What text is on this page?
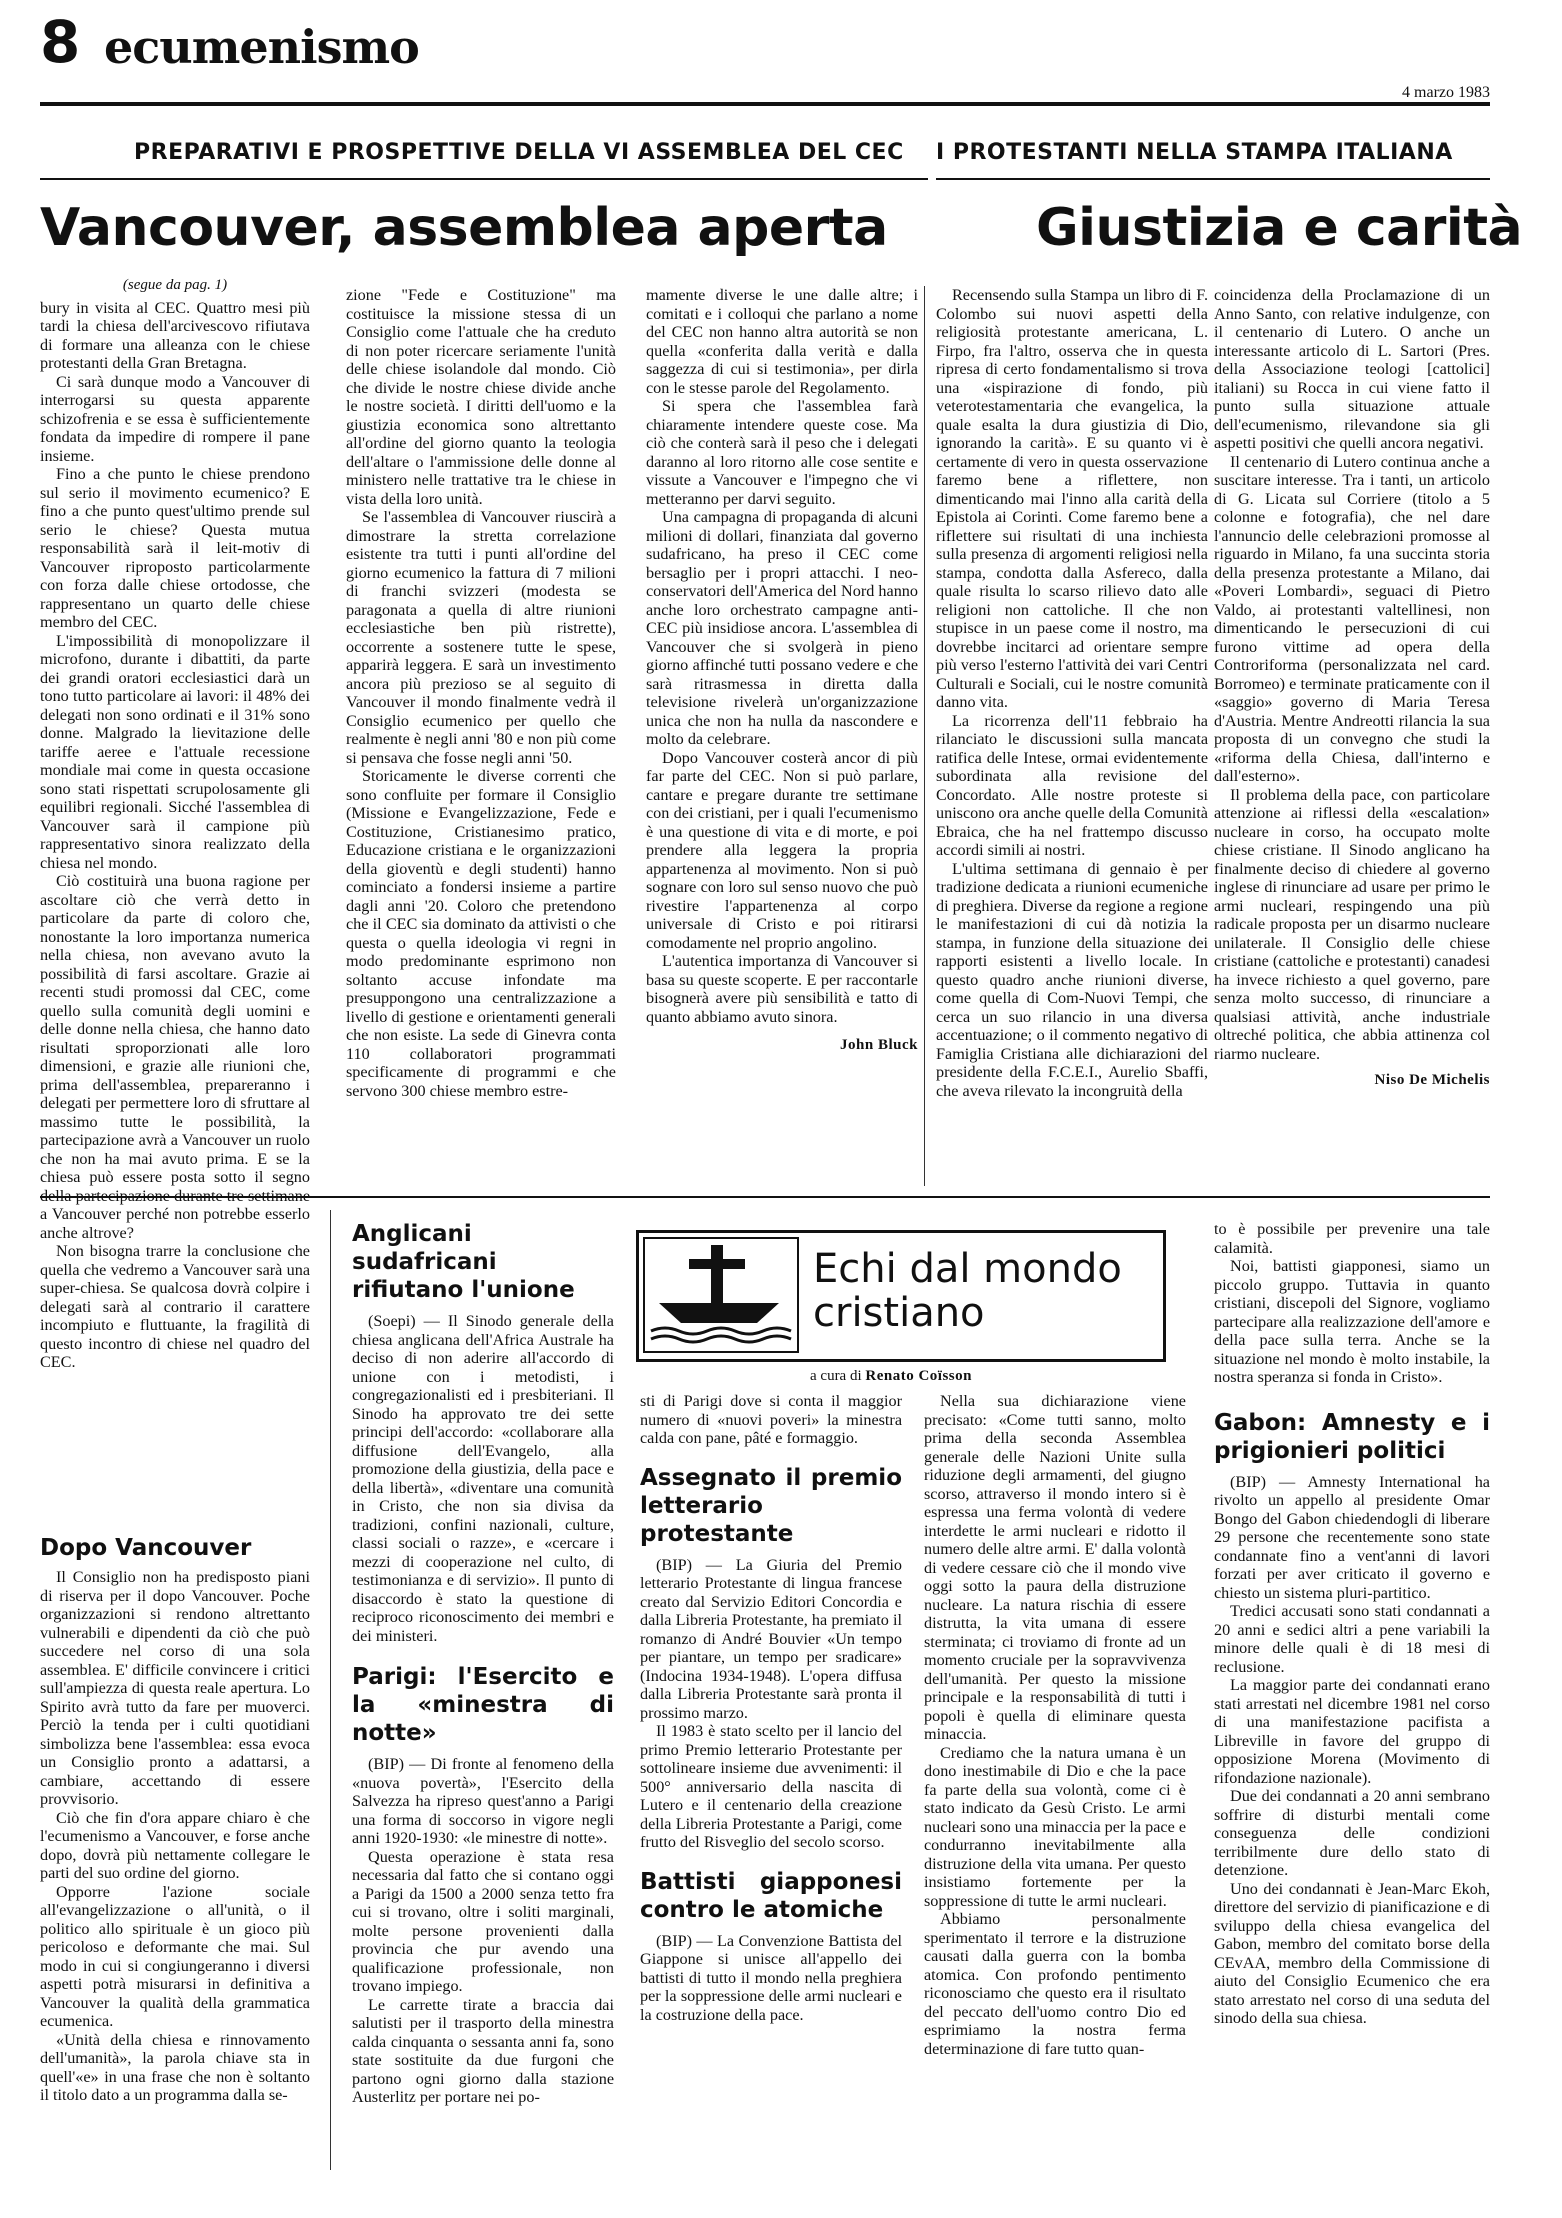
8 ecumenismo
4 marzo 1983
PREPARATIVI E PROSPETTIVE DELLA VI ASSEMBLEA DEL CEC I PROTESTANTI NELLA STAMPA ITALIANA
Vancouver, assemblea aperta	Giustizia e carità
(segue da pag. 1)

bury in visita al CEC. Quattro mesi più tardi la chiesa dell'arcivescovo rifiutava di formare una alleanza con le chiese protestanti della Gran Bretagna.

Ci sarà dunque modo a Vancouver di interrogarsi su questa apparente schizofrenia e se essa è sufficientemente fondata da impedire di rompere il pane insieme.

Fino a che punto le chiese prendono sul serio il movimento ecumenico? E fino a che punto quest'ultimo prende sul serio le chiese? Questa mutua responsabilità sarà il leit-motiv di Vancouver riproposto particolarmente con forza dalle chiese ortodosse, che rappresentano un quarto delle chiese membro del CEC.

L'impossibilità di monopolizzare il microfono, durante i dibattiti, da parte dei grandi oratori ecclesiastici darà un tono tutto particolare ai lavori: il 48% dei delegati non sono ordinati e il 31% sono donne. Malgrado la lievitazione delle tariffe aeree e l'attuale recessione mondiale mai come in questa occasione sono stati rispettati scrupolosamente gli equilibri regionali. Sicché l'assemblea di Vancouver sarà il campione più rappresentativo sinora realizzato della chiesa nel mondo.

Ciò costituirà una buona ragione per ascoltare ciò che verrà detto in particolare da parte di coloro che, nonostante la loro importanza numerica nella chiesa, non avevano avuto la possibilità di farsi ascoltare. Grazie ai recenti studi promossi dal CEC, come quello sulla comunità degli uomini e delle donne nella chiesa, che hanno dato risultati sproporzionati alle loro dimensioni, e grazie alle riunioni che, prima dell'assemblea, prepareranno i delegati per permettere loro di sfruttare al massimo tutte le possibilità, la partecipazione avrà a Vancouver un ruolo che non ha mai avuto prima. E se la chiesa può essere posta sotto il segno a Vancouver perché non potrebbe esserlo anche altrove?

Non bisogna trarre la conclusione che quella che vedremo a Vancouver sarà una super-chiesa. Se qualcosa dovrà colpire i delegati sarà al contrario il carattere incompiuto e fluttuante, la fragilità di questo incontro di chiese nel quadro del CEC.

Dopo Vancouver

Il Consiglio non ha predisposto piani di riserva per il dopo Vancouver. Poche organizzazioni si rendono altrettanto vulnerabili e dipendenti da ciò che può succedere nel corso di una sola assemblea. E' difficile convincere i critici sull'ampiezza di questa reale apertura. Lo Spirito avrà tutto da fare per muoverci. Perciò la tenda per i culti quotidiani simbolizza bene l'assemblea: essa evoca un Consiglio pronto a adattarsi, a cambiare, accettando di essere provvisorio.

Ciò che fin d'ora appare chiaro è che l'ecumenismo a Vancouver, e forse anche dopo, dovrà più nettamente collegare le parti del suo ordine del giorno.

Opporre l'azione sociale all'evangelizzazione o all'unità, o il politico allo spirituale è un gioco più pericoloso e deformante che mai. Sul modo in cui si congiungeranno i diversi aspetti potrà misurarsi in definitiva a Vancouver la qualità della grammatica ecumenica.

«Unità della chiesa e rinnovamento dell'umanità», la parola chiave sta in quell'«e» in una frase che non è soltanto il titolo dato a un programma dalla se-

zione "Fede e Costituzione" ma costituisce la missione stessa di un Consiglio come l'attuale che ha creduto di non poter ricercare seriamente l'unità delle chiese isolandole dal mondo. Ciò che divide le nostre chiese divide anche le nostre società. I diritti dell'uomo e la giustizia economica sono altrettanto all'ordine del giorno quanto la teologia dell'altare o l'ammissione delle donne al ministero nelle trattative tra le chiese in vista della loro unità.

Se l'assemblea di Vancouver riuscirà a dimostrare la stretta correlazione esistente tra tutti i punti all'ordine del giorno ecumenico la fattura di 7 milioni di franchi svizzeri (modesta se paragonata a quella di altre riunioni ecclesiastiche ben più ristrette), occorrente a sostenere tutte le spese, apparirà leggera. E sarà un investimento ancora più prezioso se al seguito di Vancouver il mondo finalmente vedrà il Consiglio ecumenico per quello che realmente è negli anni '80 e non più come si pensava che fosse negli anni '50.

Storicamente le diverse correnti che sono confluite per formare il Consiglio (Missione e Evangelizzazione, Fede e Costituzione, Cristianesimo pratico, Educazione cristiana e le organizzazioni della gioventù e degli studenti) hanno cominciato a fondersi insieme a partire dagli anni '20. Coloro che pretendono che il CEC sia dominato da attivisti o che questa o quella ideologia vi regni in modo predominante esprimono non soltanto accuse infondate ma presuppongono una centralizzazione a livello di gestione e orientamenti generali che non esiste. La sede di Ginevra conta 110 collaboratori programmati specificamente di programmi e che servono 300 chiese membro estre-

mamente diverse le une dalle altre; i comitati e i colloqui che parlano a nome del CEC non hanno altra autorità se non quella «conferita dalla verità e dalla saggezza di cui si testimonia», per dirla con le stesse parole del Regolamento.

Si spera che l'assemblea farà chiaramente intendere queste cose. Ma ciò che conterà sarà il peso che i delegati daranno al loro ritorno alle cose sentite e vissute a Vancouver e l'impegno che vi metteranno per darvi seguito.

Una campagna di propaganda di alcuni milioni di dollari, finanziata dal governo sudafricano, ha preso il CEC come bersaglio per i propri attacchi. I neo-conservatori dell'America del Nord hanno anche loro orchestrato campagne anti-CEC più insidiose ancora. L'assemblea di Vancouver che si svolgerà in pieno giorno affinché tutti possano vedere e che sarà ritrasmessa in diretta dalla televisione rivelerà un'organizzazione unica che non ha nulla da nascondere e molto da celebrare.

Dopo Vancouver costerà ancor di più far parte del CEC. Non si può parlare, cantare e pregare durante tre settimane con dei cristiani, per i quali l'ecumenismo è una questione di vita e di morte, e poi prendere alla leggera la propria appartenenza al movimento. Non si può sognare con loro sul senso nuovo che può rivestire l'appartenenza al corpo universale di Cristo e poi ritirarsi comodamente nel proprio angolino.

L'autentica importanza di Vancouver si basa su queste scoperte. E per raccontarle bisognerà avere più sensibilità e tatto di quanto abbiamo avuto sinora.

John Bluck

Recensendo sulla Stampa un libro di F. Colombo sui nuovi aspetti della religiosità protestante americana, L. Firpo, fra l'altro, osserva che in questa ripresa di certo fondamentalismo si trova una «ispirazione di fondo, più veterotestamentaria che evangelica, la quale esalta la dura giustizia di Dio, ignorando la carità». E su quanto vi è certamente di vero in questa osservazione faremo bene a riflettere, non dimenticando mai l'inno alla carità della Epistola ai Corinti. Come faremo bene a riflettere sui risultati di una inchiesta sulla presenza di argomenti religiosi nella stampa, condotta dalla Asfereco, dalla quale risulta lo scarso rilievo dato alle religioni non cattoliche. Il che non stupisce in un paese come il nostro, ma dovrebbe incitarci ad orientare sempre più verso l'esterno l'attività dei vari Centri Culturali e Sociali, cui le nostre comunità danno vita.

La ricorrenza dell'11 febbraio ha rilanciato le discussioni sulla mancata ratifica delle Intese, ormai evidentemente subordinata alla revisione del Concordato. Alle nostre proteste si uniscono ora anche quelle della Comunità Ebraica, che ha nel frattempo discusso accordi simili ai nostri.

L'ultima settimana di gennaio è per tradizione dedicata a riunioni ecumeniche di preghiera. Diverse da regione a regione le manifestazioni di cui dà notizia la stampa, in funzione della situazione dei rapporti esistenti a livello locale. In questo quadro anche riunioni diverse, come quella di Com-Nuovi Tempi, che cerca un suo rilancio in una diversa accentuazione; o il commento negativo di Famiglia Cristiana alle dichiarazioni del presidente della F.C.E.I., Aurelio Sbaffi, che aveva rilevato la incongruità della

coincidenza della Proclamazione di un Anno Santo, con relative indulgenze, con il centenario di Lutero. O anche un interessante articolo di L. Sartori (Pres. della Associazione teologi [cattolici] italiani) su Rocca in cui viene fatto il punto sulla situazione attuale dell'ecumenismo, rilevandone sia gli aspetti positivi che quelli ancora negativi.

Il centenario di Lutero continua anche a suscitare interesse. Tra i tanti, un articolo di G. Licata sul Corriere (titolo a 5 colonne e fotografia), che nel dare l'annuncio delle celebrazioni promosse al riguardo in Milano, fa una succinta storia della presenza protestante a Milano, dai «Poveri Lombardi», seguaci di Pietro Valdo, ai protestanti valtellinesi, non dimenticando le persecuzioni di cui furono vittime ad opera della Controriforma (personalizzata nel card. Borromeo) e terminate praticamente con il «saggio» governo di Maria Teresa d'Austria. Mentre Andreotti rilancia la sua proposta di un convegno che studi la «riforma della Chiesa, dall'interno e dall'esterno».

Il problema della pace, con particolare attenzione ai riflessi della «escalation» nucleare in corso, ha occupato molte chiese cristiane. Il Sinodo anglicano ha finalmente deciso di chiedere al governo inglese di rinunciare ad usare per primo le armi nucleari, respingendo una più radicale proposta per un disarmo nucleare unilaterale. Il Consiglio delle chiese cristiane (cattoliche e protestanti) canadesi ha invece richiesto a quel governo, pare senza molto successo, di rinunciare a qualsiasi attività, anche industriale oltreché politica, che abbia attinenza col riarmo nucleare.

Niso De Michelis
Echi dal mondo
cristiano
a cura di Renato Coïsson
Anglicani sudafricani rifiutano l'unione

(Soepi) — Il Sinodo generale della chiesa anglicana dell'Africa Australe ha deciso di non aderire all'accordo di unione con i metodisti, i congregazionalisti ed i presbiteriani. Il Sinodo ha approvato tre dei sette principi dell'accordo: «collaborare alla diffusione dell'Evangelo, alla promozione della giustizia, della pace e della libertà», «diventare una comunità in Cristo, che non sia divisa da tradizioni, confini nazionali, culture, classi sociali o razze», e «cercare i mezzi di cooperazione nel culto, di testimonianza e di servizio». Il punto di disaccordo è stato la questione di reciproco riconoscimento dei membri e dei ministeri.

Parigi: l'Esercito e la «minestra di notte»

(BIP) — Di fronte al fenomeno della «nuova povertà», l'Esercito della Salvezza ha ripreso quest'anno a Parigi una forma di soccorso in vigore negli anni 1920-1930: «le minestre di notte».

Questa operazione è stata resa necessaria dal fatto che si contano oggi a Parigi da 1500 a 2000 senza tetto fra cui si trovano, oltre i soliti marginali, molte persone provenienti dalla provincia che pur avendo una qualificazione professionale, non trovano impiego.

Le carrette tirate a braccia dai salutisti per il trasporto della minestra calda cinquanta o sessanta anni fa, sono state sostituite da due furgoni che partono ogni giorno dalla stazione Austerlitz per portare nei po-

sti di Parigi dove si conta il maggior numero di «nuovi poveri» la minestra calda con pane, pâté e formaggio.

Assegnato il premio letterario protestante

(BIP) — La Giuria del Premio letterario Protestante di lingua francese creato dal Servizio Editori Concordia e dalla Libreria Protestante, ha premiato il romanzo di André Bouvier «Un tempo per piantare, un tempo per sradicare» (Indocina 1934-1948). L'opera diffusa dalla Libreria Protestante sarà pronta il prossimo marzo.

Il 1983 è stato scelto per il lancio del primo Premio letterario Protestante per sottolineare insieme due avvenimenti: il 500° anniversario della nascita di Lutero e il centenario della creazione della Libreria Protestante a Parigi, come frutto del Risveglio del secolo scorso.

Battisti giapponesi contro le atomiche

(BIP) — La Convenzione Battista del Giappone si unisce all'appello dei battisti di tutto il mondo nella preghiera per la soppressione delle armi nucleari e la costruzione della pace.

Nella sua dichiarazione viene precisato: «Come tutti sanno, molto prima della seconda Assemblea generale delle Nazioni Unite sulla riduzione degli armamenti, del giugno scorso, attraverso il mondo intero si è espressa una ferma volontà di vedere interdette le armi nucleari e ridotto il numero delle altre armi. E' dalla volontà di vedere cessare ciò che il mondo vive oggi sotto la paura della distruzione nucleare. La natura rischia di essere distrutta, la vita umana di essere sterminata; ci troviamo di fronte ad un momento cruciale per la sopravvivenza dell'umanità. Per questo la missione principale e la responsabilità di tutti i popoli è quella di eliminare questa minaccia.

Crediamo che la natura umana è un dono inestimabile di Dio e che la pace fa parte della sua volontà, come ci è stato indicato da Gesù Cristo. Le armi nucleari sono una minaccia per la pace e condurranno inevitabilmente alla distruzione della vita umana. Per questo insistiamo fortemente per la soppressione di tutte le armi nucleari.

Abbiamo personalmente sperimentato il terrore e la distruzione causati dalla guerra con la bomba atomica. Con profondo pentimento riconosciamo che questo era il risultato del peccato dell'uomo contro Dio ed esprimiamo la nostra ferma determinazione di fare tutto quan-

to è possibile per prevenire una tale calamità.

Noi, battisti giapponesi, siamo un piccolo gruppo. Tuttavia in quanto cristiani, discepoli del Signore, vogliamo partecipare alla realizzazione dell'amore e della pace sulla terra. Anche se la situazione nel mondo è molto instabile, la nostra speranza si fonda in Cristo».

Gabon: Amnesty e i prigionieri politici

(BIP) — Amnesty International ha rivolto un appello al presidente Omar Bongo del Gabon chiedendogli di liberare 29 persone che recentemente sono state condannate fino a vent'anni di lavori forzati per aver criticato il governo e chiesto un sistema pluri-partitico.

Tredici accusati sono stati condannati a 20 anni e sedici altri a pene variabili la minore delle quali è di 18 mesi di reclusione.

La maggior parte dei condannati erano stati arrestati nel dicembre 1981 nel corso di una manifestazione pacifista a Libreville in favore del gruppo di opposizione Morena (Movimento di rifondazione nazionale).

Due dei condannati a 20 anni sembrano soffrire di disturbi mentali come conseguenza delle condizioni terribilmente dure dello stato di detenzione.

Uno dei condannati è Jean-Marc Ekoh, direttore del servizio di pianificazione e di sviluppo della chiesa evangelica del Gabon, membro del comitato borse della CEvAA, membro della Commissione di aiuto del Consiglio Ecumenico che era stato arrestato nel corso di una seduta del sinodo della sua chiesa.
